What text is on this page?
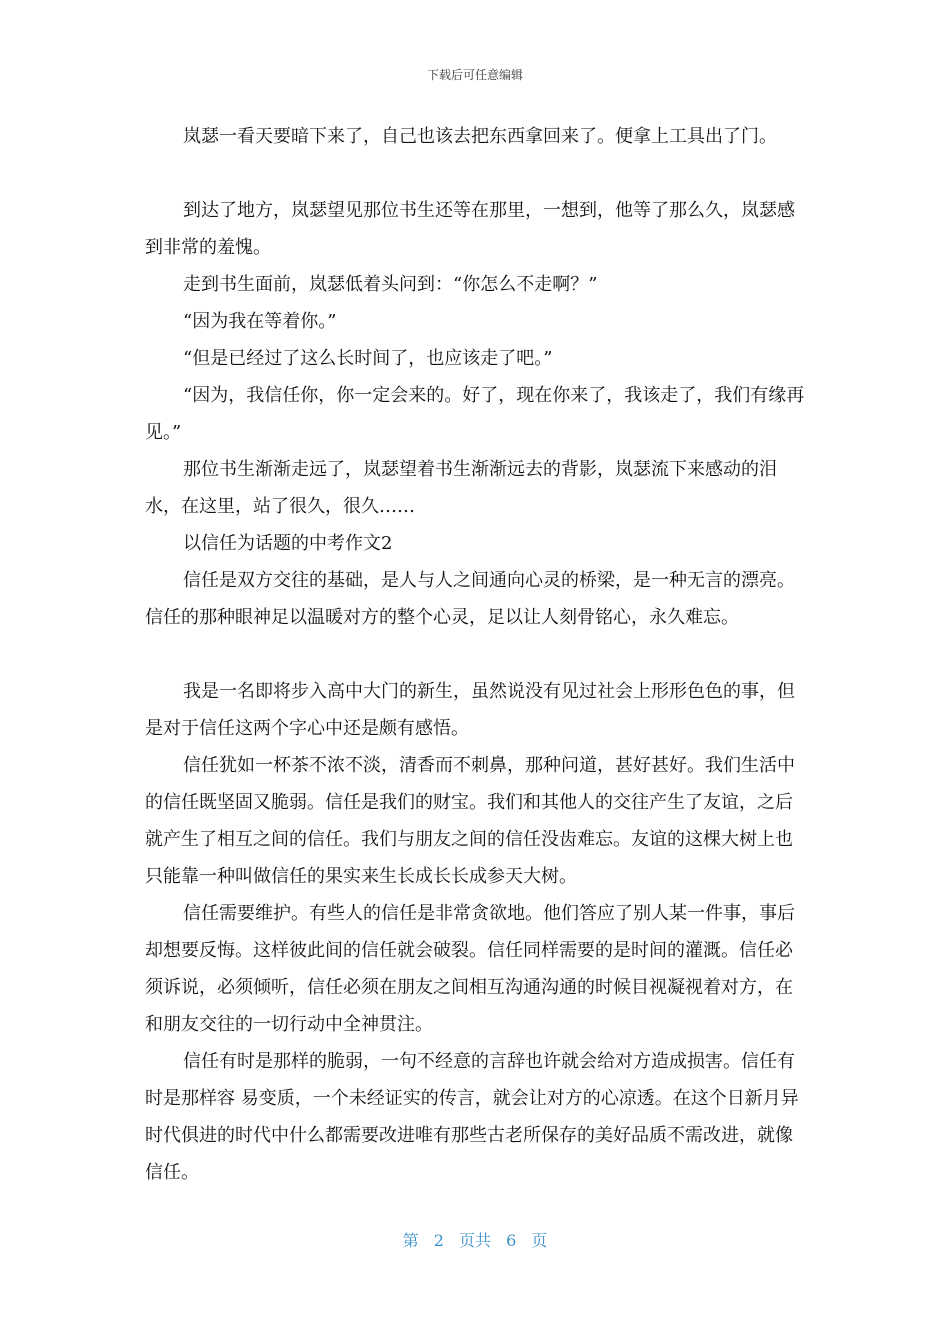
下载后可任意编辑

岚瑟一看天要暗下来了，自己也该去把东西拿回来了。便拿上工具出了门。

到达了地方，岚瑟望见那位书生还等在那里，一想到，他等了那么久，岚瑟感到非常的羞愧。

走到书生面前，岚瑟低着头问到：“你怎么不走啊？”

“因为我在等着你。”

“但是已经过了这么长时间了，也应该走了吧。”

“因为，我信任你，你一定会来的。好了，现在你来了，我该走了，我们有缘再见。”

那位书生渐渐走远了，岚瑟望着书生渐渐远去的背影，岚瑟流下来感动的泪水，在这里，站了很久，很久……

以信任为话题的中考作文2

信任是双方交往的基础，是人与人之间通向心灵的桥梁，是一种无言的漂亮。信任的那种眼神足以温暖对方的整个心灵，足以让人刻骨铭心，永久难忘。

我是一名即将步入高中大门的新生，虽然说没有见过社会上形形色色的事，但是对于信任这两个字心中还是颇有感悟。

信任犹如一杯茶不浓不淡，清香而不刺鼻，那种问道，甚好甚好。我们生活中的信任既坚固又脆弱。信任是我们的财宝。我们和其他人的交往产生了友谊，之后就产生了相互之间的信任。我们与朋友之间的信任没齿难忘。友谊的这棵大树上也只能靠一种叫做信任的果实来生长成长长成参天大树。

信任需要维护。有些人的信任是非常贪欲地。他们答应了别人某一件事，事后却想要反悔。这样彼此间的信任就会破裂。信任同样需要的是时间的灌溉。信任必须诉说，必须倾听，信任必须在朋友之间相互沟通沟通的时候目视凝视着对方，在和朋友交往的一切行动中全神贯注。

信任有时是那样的脆弱，一句不经意的言辞也许就会给对方造成损害。信任有时是那样容 易变质，一个未经证实的传言，就会让对方的心凉透。在这个日新月异时代俱进的时代中什么都需要改进唯有那些古老所保存的美好品质不需改进，就像信任。

第 2 页共 6 页
